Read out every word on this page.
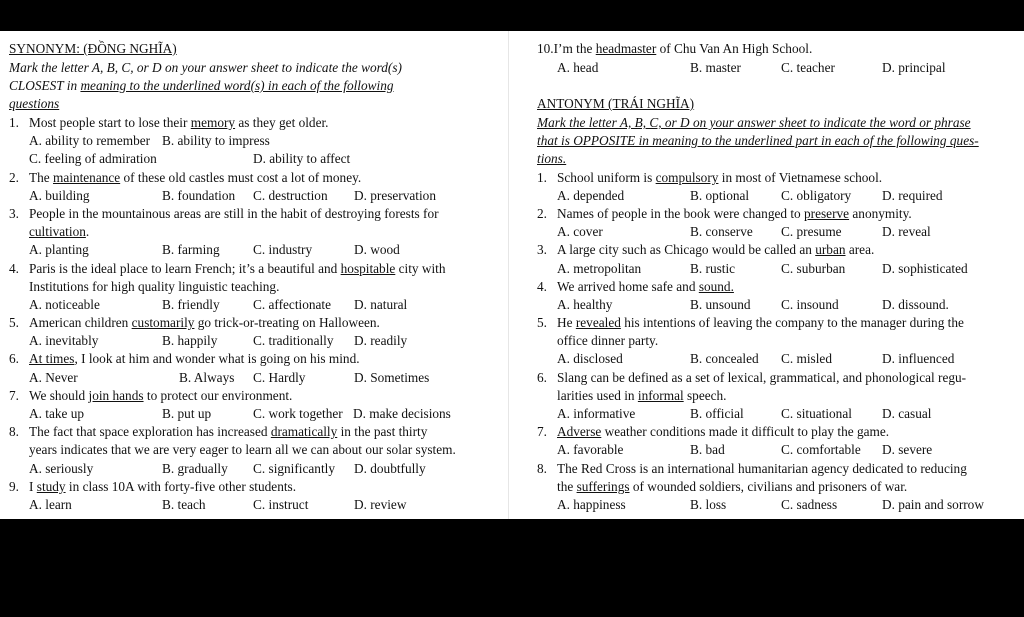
SYNONYM: (ĐỒNG NGHĨA)
Mark the letter A, B, C, or D on your answer sheet to indicate the word(s)
CLOSEST in meaning to the underlined word(s) in each of the following
questions
1. Most people start to lose their memory as they get older.
A. ability to remember B. ability to impress
C. feeling of admiration	D. ability to affect
2. The maintenance of these old castles must cost a lot of money.
A. building	B. foundation C. destruction D. preservation
3. People in the mountainous areas are still in the habit of destroying forests for
cultivation.
A. planting	B. farming	C. industry	D. wood
4. Paris is the ideal place to learn French; it’s a beautiful and hospitable city with
Institutions for high quality linguistic teaching.
A. noticeable	B. friendly	C. affectionate D. natural
5. American children customarily go trick-or-treating on Halloween.
A. inevitably	B. happily	C. traditionally D. readily
6. At times, I look at him and wonder what is going on his mind.
A. Never	B. Always C. Hardly	D. Sometimes
7. We should join hands to protect our environment.
A. take up	B. put up	C. work together D. make decisions
8. The fact that space exploration has increased dramatically in the past thirty
years indicates that we are very eager to learn all we can about our solar system.
A. seriously	B. gradually C. significantly D. doubtfully
9. I study in class 10A with forty-five other students.
A. learn	B. teach	C. instruct	D. review
10.I’m the headmaster of Chu Van An High School.
A. head	B. master	C. teacher	D. principal
ANTONYM (TRÁI NGHĨA)
Mark the letter A, B, C, or D on your answer sheet to indicate the word or phrase
that is OPPOSITE in meaning to the underlined part in each of the following ques-
tions.
1. School uniform is compulsory in most of Vietnamese school.
A. depended	B. optional C. obligatory D. required
2. Names of people in the book were changed to preserve anonymity.
A. cover	B. conserve C. presume	D. reveal
3. A large city such as Chicago would be called an urban area.
A. metropolitan	B. rustic	C. suburban	D. sophisticated
4. We arrived home safe and sound.
A. healthy	B. unsound C. insound	D. dissound.
5. He revealed his intentions of leaving the company to the manager during the
office dinner party.
A. disclosed	B. concealed C. misled	D. influenced
6. Slang can be defined as a set of lexical, grammatical, and phonological regu-
larities used in informal speech.
A. informative	B. official	C. situational D. casual
7. Adverse weather conditions made it difficult to play the game.
A. favorable	B. bad	C. comfortable D. severe
8. The Red Cross is an international humanitarian agency dedicated to reducing
the sufferings of wounded soldiers, civilians and prisoners of war.
A. happiness	B. loss	C. sadness	D. pain and sorrow
